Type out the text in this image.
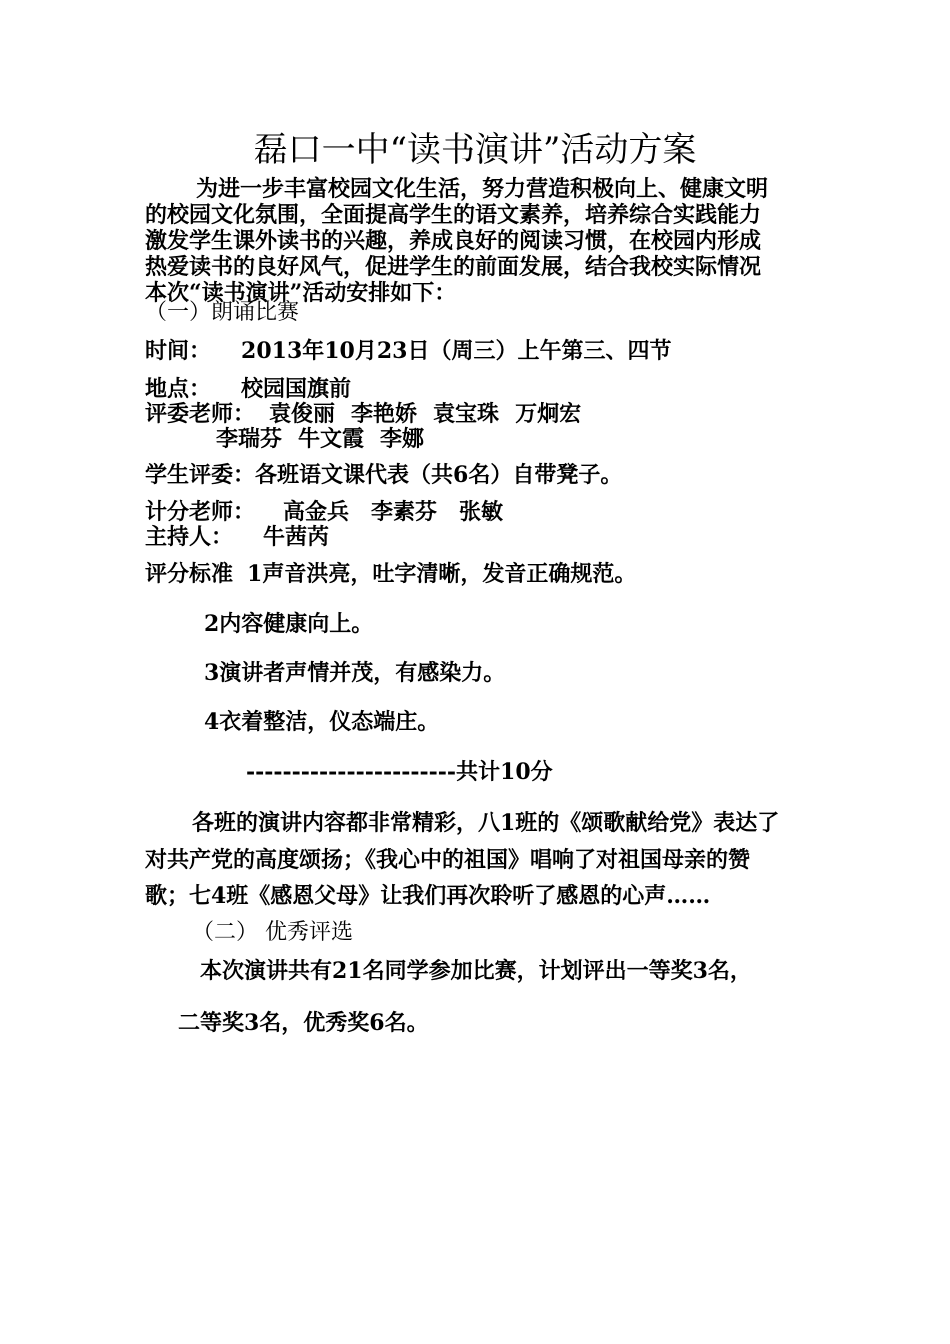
磊口一中“读书演讲”活动方案
为进一步丰富校园文化生活，努力营造积极向上、健康文明
的校园文化氛围，全面提高学生的语文素养，培养综合实践能力
激发学生课外读书的兴趣，养成良好的阅读习惯，在校园内形成
热爱读书的良好风气，促进学生的前面发展，结合我校实际情况
本次“读书演讲”活动安排如下：
（一）朗诵比赛
时间： 2013年10月23日（周三）上午第三、四节
地点： 校园国旗前
评委老师： 袁俊丽 李艳娇 袁宝珠 万炯宏
李瑞芬 牛文霞 李娜
学生评委：各班语文课代表（共6名）自带凳子。
计分老师： 高金兵 李素芬 张敏
主持人： 牛茜芮
评分标准 1声音洪亮，吐字清晰，发音正确规范。
2内容健康向上。
3演讲者声情并茂，有感染力。
4衣着整洁，仪态端庄。
-----------------------共计10分
各班的演讲内容都非常精彩，八1班的《颂歌献给党》表达了
对共产党的高度颂扬；《我心中的祖国》唱响了对祖国母亲的赞
歌；七4班《感恩父母》让我们再次聆听了感恩的心声……
（二） 优秀评选
本次演讲共有21名同学参加比赛，计划评出一等奖3名，
二等奖3名，优秀奖6名。
